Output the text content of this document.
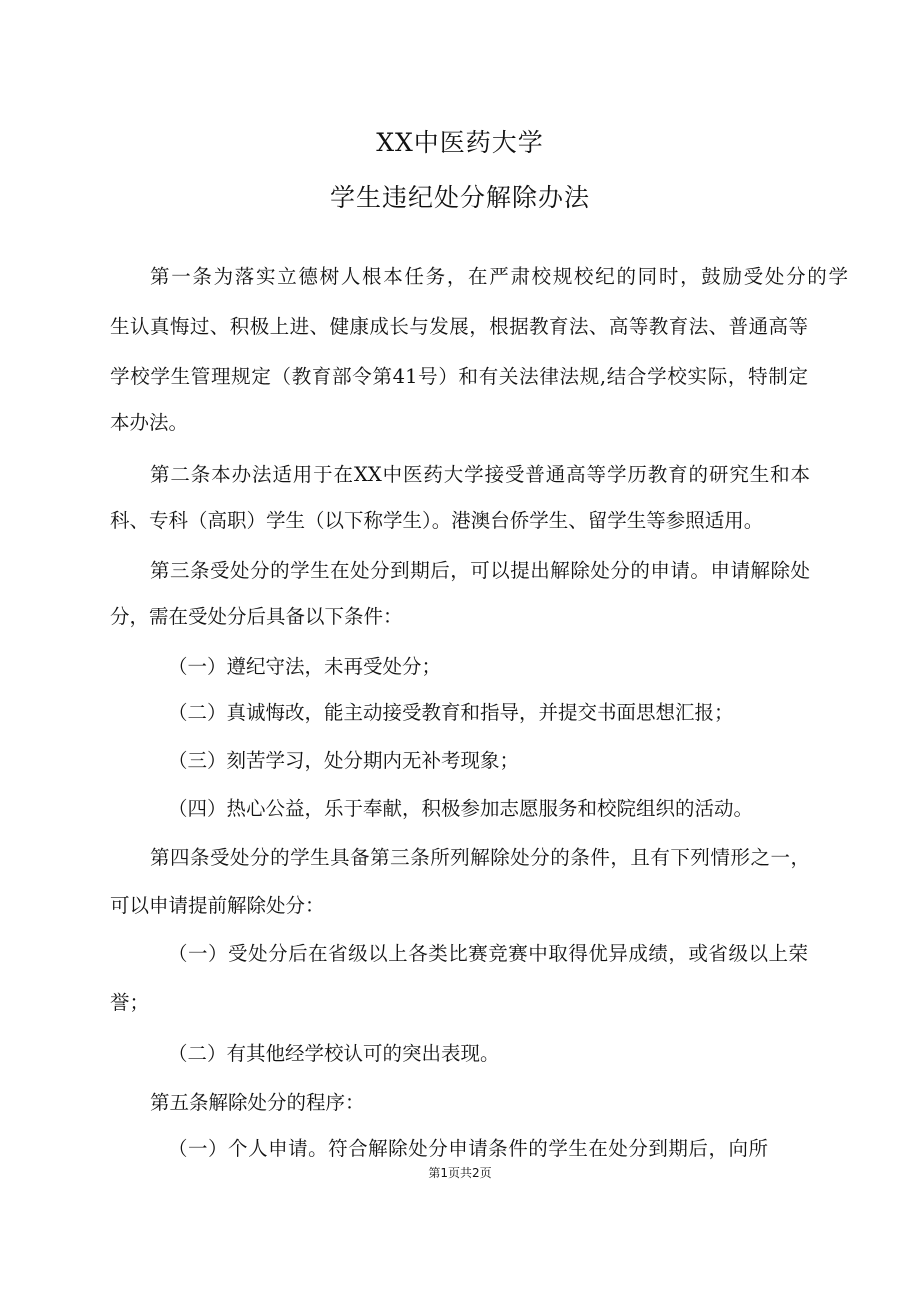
XX中医药大学
学生违纪处分解除办法
第一条为落实立德树人根本任务，在严肃校规校纪的同时，鼓励受处分的学
生认真悔过、积极上进、健康成长与发展，根据教育法、高等教育法、普通高等
学校学生管理规定（教育部令第41号）和有关法律法规,结合学校实际，特制定
本办法。
第二条本办法适用于在XX中医药大学接受普通高等学历教育的研究生和本
科、专科（高职）学生（以下称学生）。港澳台侨学生、留学生等参照适用。
第三条受处分的学生在处分到期后，可以提出解除处分的申请。申请解除处
分，需在受处分后具备以下条件：
（一）遵纪守法，未再受处分；
（二）真诚悔改，能主动接受教育和指导，并提交书面思想汇报；
（三）刻苦学习，处分期内无补考现象；
（四）热心公益，乐于奉献，积极参加志愿服务和校院组织的活动。
第四条受处分的学生具备第三条所列解除处分的条件，且有下列情形之一，
可以申请提前解除处分：
（一）受处分后在省级以上各类比赛竞赛中取得优异成绩，或省级以上荣
誉；
（二）有其他经学校认可的突出表现。
第五条解除处分的程序：
（一）个人申请。符合解除处分申请条件的学生在处分到期后，向所
第1页共2页
